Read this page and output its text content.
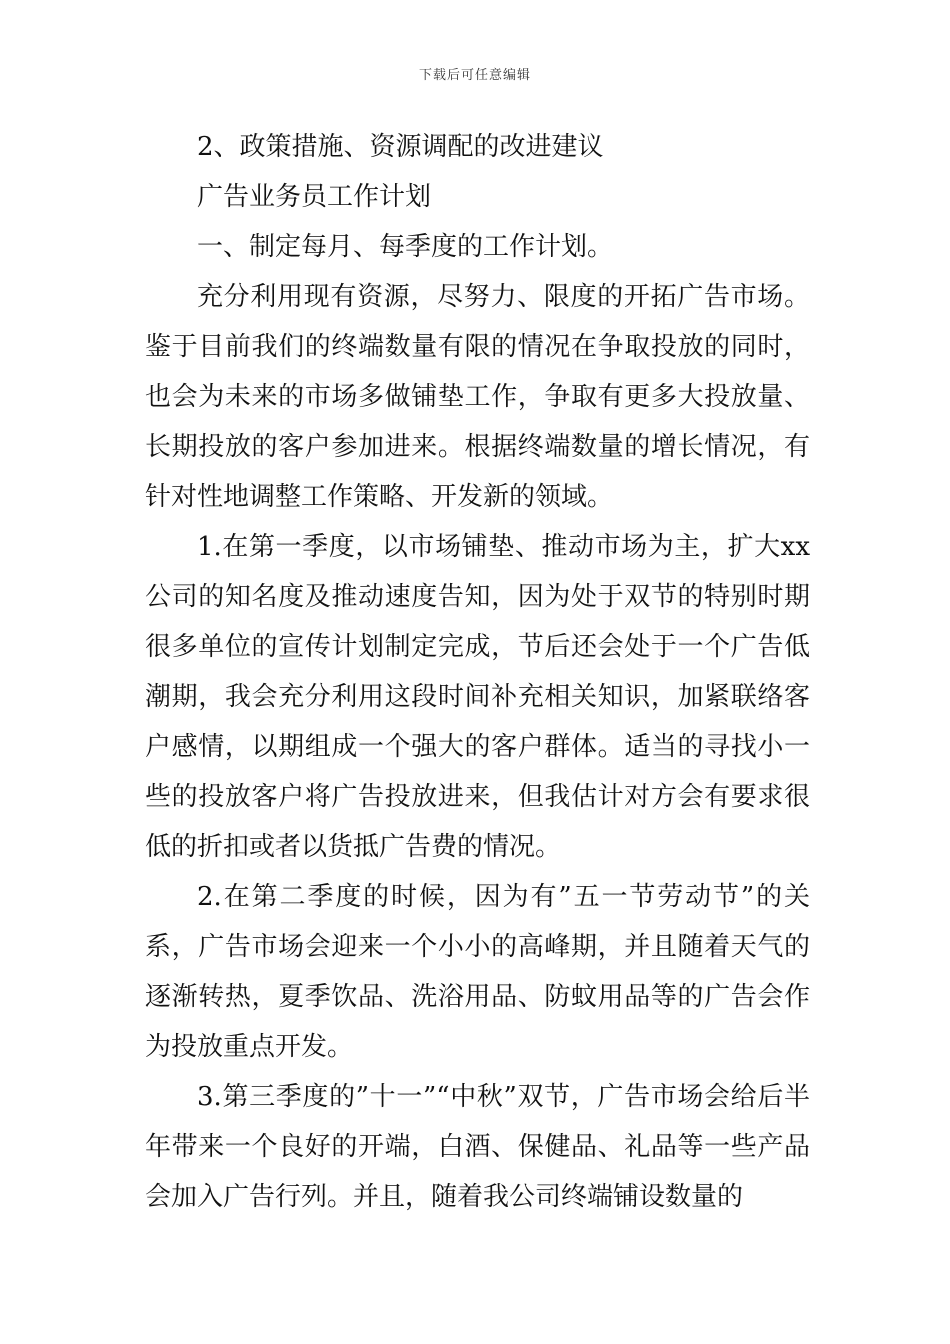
下载后可任意编辑

2、政策措施、资源调配的改进建议

广告业务员工作计划

一、制定每月、每季度的工作计划。

充分利用现有资源，尽努力、限度的开拓广告市场。鉴于目前我们的终端数量有限的情况在争取投放的同时，也会为未来的市场多做铺垫工作，争取有更多大投放量、长期投放的客户参加进来。根据终端数量的增长情况，有针对性地调整工作策略、开发新的领域。

1.在第一季度，以市场铺垫、推动市场为主，扩大xx公司的知名度及推动速度告知，因为处于双节的特别时期很多单位的宣传计划制定完成，节后还会处于一个广告低潮期，我会充分利用这段时间补充相关知识，加紧联络客户感情，以期组成一个强大的客户群体。适当的寻找小一些的投放客户将广告投放进来，但我估计对方会有要求很低的折扣或者以货抵广告费的情况。

2.在第二季度的时候，因为有”五一节劳动节”的关系，广告市场会迎来一个小小的高峰期，并且随着天气的逐渐转热，夏季饮品、洗浴用品、防蚊用品等的广告会作为投放重点开发。

3.第三季度的”十一”“中秋”双节，广告市场会给后半年带来一个良好的开端，白酒、保健品、礼品等一些产品会加入广告行列。并且，随着我公司终端铺设数量的
